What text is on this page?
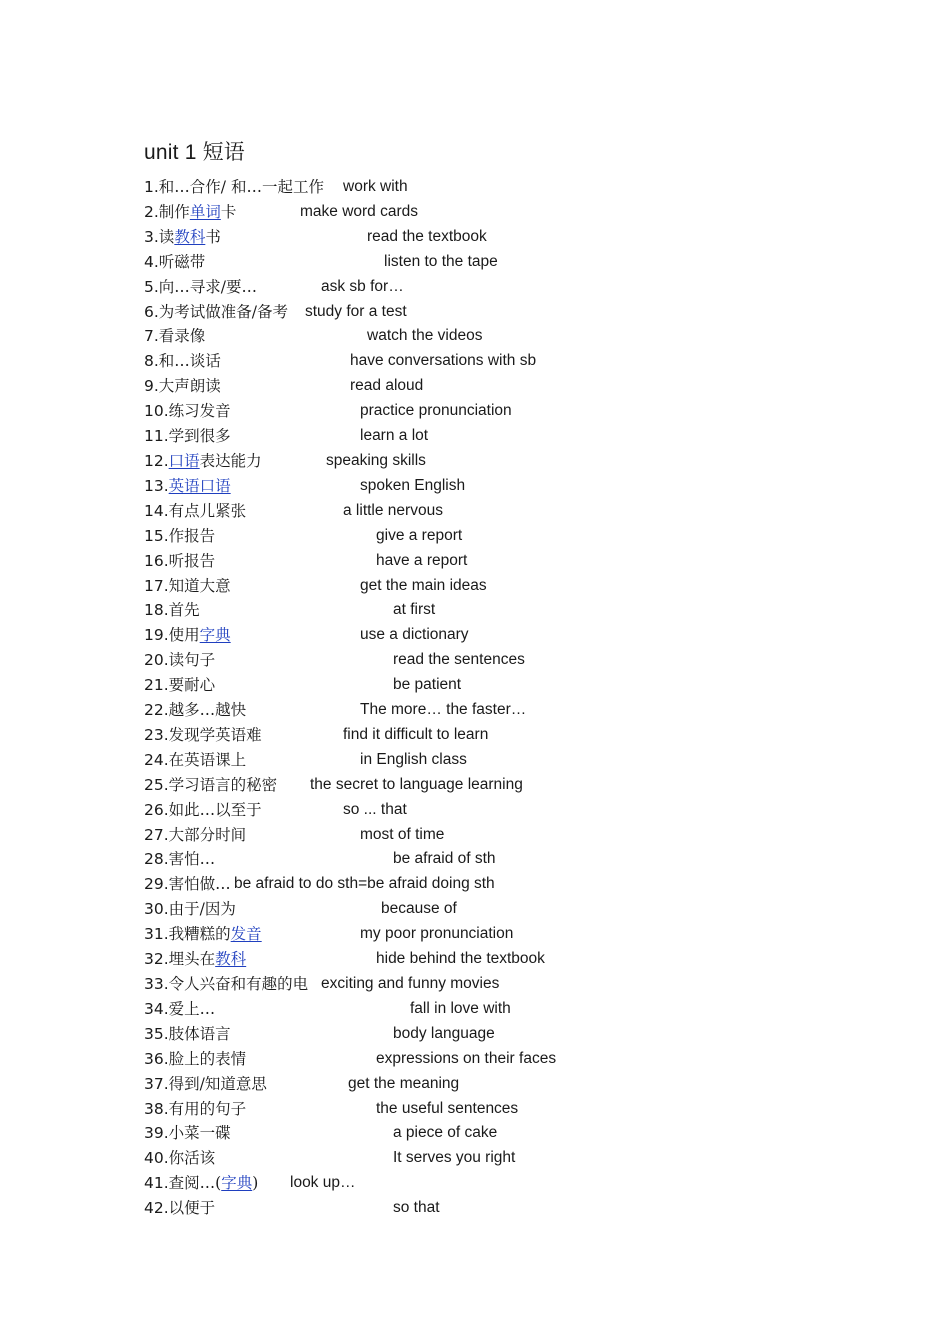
unit 1 短语
1.和…合作/ 和…一起工作 work with
2.制作单词卡	make word cards
3.读教科书	read the textbook
4.听磁带	listen to the tape
5.向…寻求/要…	ask sb for…
6.为考试做准备/备考 study for a test
7.看录像	watch the videos
8.和…谈话	have conversations with sb
9.大声朗读	read aloud
10.练习发音	practice pronunciation
11.学到很多	learn a lot
12.口语表达能力	speaking skills
13.英语口语	spoken English
14.有点儿紧张	a little nervous
15.作报告	give a report
16.听报告	have a report
17.知道大意	get the main ideas
18.首先	at first
19.使用字典	use a dictionary
20.读句子	read the sentences
21.要耐心	be patient
22.越多…越快	The more… the faster…
23.发现学英语难	find it difficult to learn
24.在英语课上	in English class
25.学习语言的秘密 the secret to language learning
26.如此…以至于	so ... that
27.大部分时间	most of time
28.害怕…	be afraid of sth
29.害怕做… be afraid to do sth=be afraid doing sth
30.由于/因为	because of
31.我糟糕的发音	my poor pronunciation
32.埋头在教科	hide behind the textbook
33.令人兴奋和有趣的电 exciting and funny movies
34.爱上…	fall in love with
35.肢体语言	body language
36.脸上的表情	expressions on their faces
37.得到/知道意思	get the meaning
38.有用的句子	the useful sentences
39.小菜一碟	a piece of cake
40.你活该	It serves you right
41.查阅…(字典) look up…
42.以便于	so that
